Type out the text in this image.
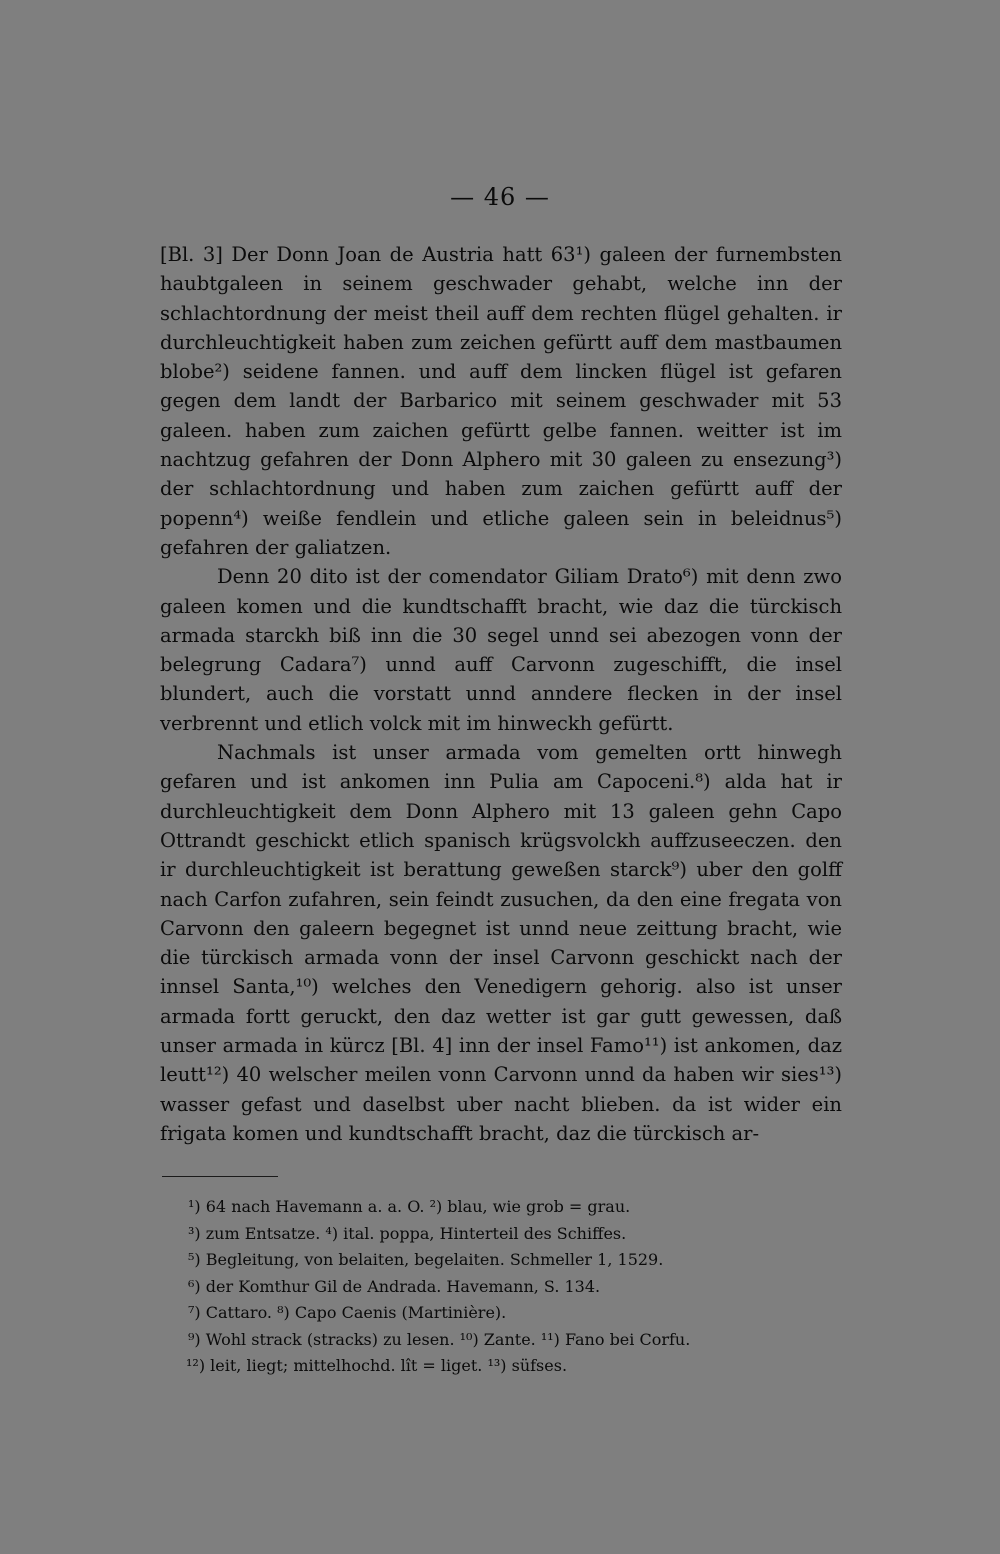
— 46 —

[Bl. 3] Der Donn Joan de Austria hatt 63¹) galeen der furnembsten haubtgaleen in seinem geschwader gehabt, welche inn der schlachtordnung der meist theil auff dem rechten flügel gehalten. ir durchleuchtigkeit haben zum zeichen gefürtt auff dem mastbaumen blobe²) seidene fannen. und auff dem lincken flügel ist gefaren gegen dem landt der Barbarico mit seinem geschwader mit 53 galeen. haben zum zaichen gefürtt gelbe fannen. weitter ist im nachtzug gefahren der Donn Alphero mit 30 galeen zu ensezung³) der schlachtordnung und haben zum zaichen gefürtt auff der popenn⁴) weiße fendlein und etliche galeen sein in beleidnus⁵) gefahren der galiatzen.

Denn 20 dito ist der comendator Giliam Drato⁶) mit denn zwo galeen komen und die kundtschafft bracht, wie daz die türckisch armada starckh biß inn die 30 segel unnd sei abezogen vonn der belegrung Cadara⁷) unnd auff Carvonn zugeschifft, die insel blundert, auch die vorstatt unnd anndere flecken in der insel verbrennt und etlich volck mit im hinweckh gefürtt.

Nachmals ist unser armada vom gemelten ortt hinwegh gefaren und ist ankomen inn Pulia am Capoceni.⁸) alda hat ir durchleuchtigkeit dem Donn Alphero mit 13 galeen gehn Capo Ottrandt geschickt etlich spanisch krügsvolckh auffzuseeczen. den ir durchleuchtigkeit ist berattung geweßen starck⁹) uber den golff nach Carfon zufahren, sein feindt zusuchen, da den eine fregata von Carvonn den galeern begegnet ist unnd neue zeittung bracht, wie die türckisch armada vonn der insel Carvonn geschickt nach der innsel Santa,¹⁰) welches den Venedigern gehorig. also ist unser armada fortt geruckt, den daz wetter ist gar gutt gewessen, daß unser armada in kürcz [Bl. 4] inn der insel Famo¹¹) ist ankomen, daz leutt¹²) 40 welscher meilen vonn Carvonn unnd da haben wir sies¹³) wasser gefast und daselbst uber nacht blieben. da ist wider ein frigata komen und kundtschafft bracht, daz die türckisch ar-

¹) 64 nach Havemann a. a. O. ²) blau, wie grob = grau.
³) zum Entsatze. ⁴) ital. poppa, Hinterteil des Schiffes.
⁵) Begleitung, von belaiten, begelaiten. Schmeller 1, 1529.
⁶) der Komthur Gil de Andrada. Havemann, S. 134.
⁷) Cattaro. ⁸) Capo Caenis (Martinière).
⁹) Wohl strack (stracks) zu lesen. ¹⁰) Zante. ¹¹) Fano bei Corfu.
¹²) leit, liegt; mittelhochd. lît = liget. ¹³) süfses.
